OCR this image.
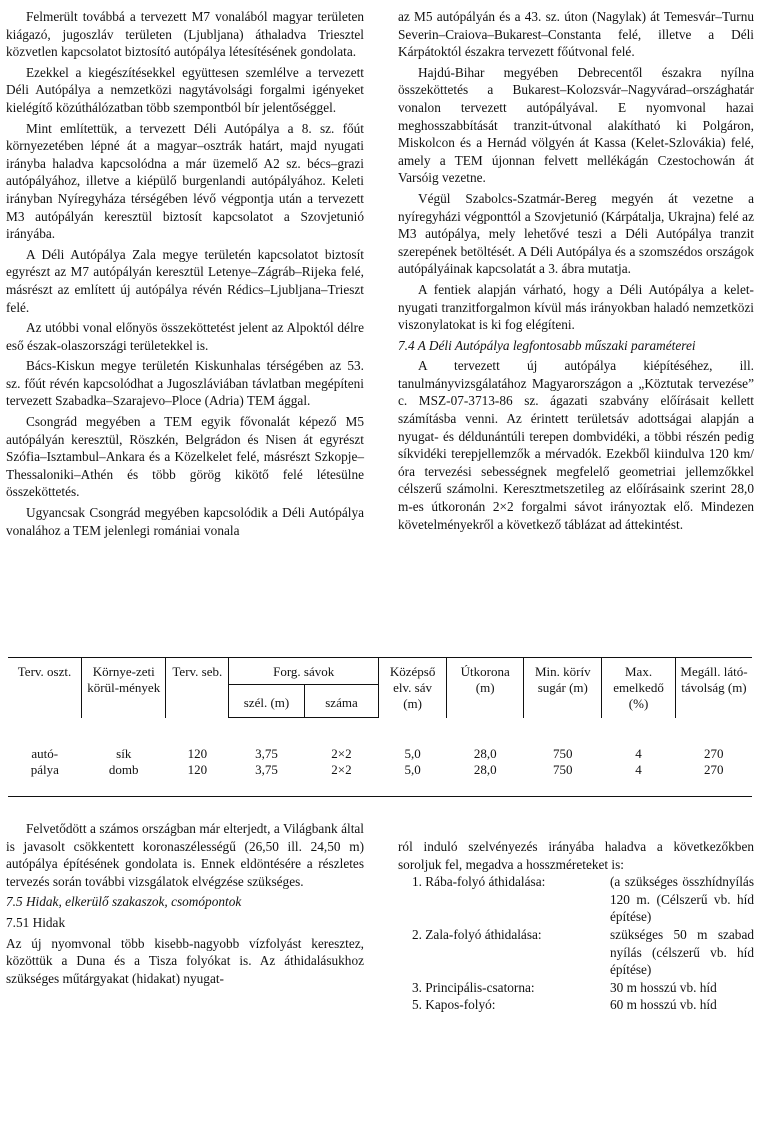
Felmerült továbbá a tervezett M7 vonalából magyar területen kiágazó, jugoszláv területen (Ljubljana) áthaladva Triesztel közvetlen kapcsolatot biztosító autópálya létesítésének gondolata.

Ezekkel a kiegészítésekkel együttesen szemlélve a tervezett Déli Autópálya a nemzetközi nagytávolsági forgalmi igényeket kielégítő közúthálózatban több szempontból bír jelentőséggel.

Mint említettük, a tervezett Déli Autópálya a 8. sz. főút környezetében lépné át a magyar–osztrák határt, majd nyugati irányba haladva kapcsolódna a már üzemelő A2 sz. bécs–grazi autópályához, illetve a kiépülő burgenlandi autópályához. Keleti irányban Nyíregyháza térségében lévő végpontja után a tervezett M3 autópályán keresztül biztosít kapcsolatot a Szovjetunió irányába.

A Déli Autópálya Zala megye területén kapcsolatot biztosít egyrészt az M7 autópályán keresztül Letenye–Zágráb–Rijeka felé, másrészt az említett új autópálya révén Rédics–Ljubljana–Trieszt felé.

Az utóbbi vonal előnyös összeköttetést jelent az Alpoktól délre eső észak-olaszországi területekkel is.

Bács-Kiskun megye területén Kiskunhalas térségében az 53. sz. főút révén kapcsolódhat a Jugoszláviában távlatban megépíteni tervezett Szabadka–Szarajevo–Ploce (Adria) TEM ággal.

Csongrád megyében a TEM egyik fővonalát képező M5 autópályán keresztül, Röszkén, Belgrádon és Nisen át egyrészt Szófia–Isztambul–Ankara és a Közelkelet felé, másrészt Szkopje–Thessaloniki–Athén és több görög kikötő felé létesülne összeköttetés.

Ugyancsak Csongrád megyében kapcsolódik a Déli Autópálya vonalához a TEM jelenlegi romániai vonala

az M5 autópályán és a 43. sz. úton (Nagylak) át Temesvár–Turnu Severin–Craiova–Bukarest–Constanta felé, illetve a Déli Kárpátoktól északra tervezett főútvonal felé.

Hajdú-Bihar megyében Debrecentől északra nyílna összeköttetés a Bukarest–Kolozsvár–Nagyvárad–országhatár vonalon tervezett autópályával. E nyomvonal hazai meghosszabbítását tranzit-útvonal alakítható ki Polgáron, Miskolcon és a Hernád völgyén át Kassa (Kelet-Szlovákia) felé, amely a TEM újonnan felvett mellékágán Czestochowán át Varsóig vezetne.

Végül Szabolcs-Szatmár-Bereg megyén át vezetne a nyíregyházi végponttól a Szovjetunió (Kárpátalja, Ukrajna) felé az M3 autópálya, mely lehetővé teszi a Déli Autópálya tranzit szerepének betöltését. A Déli Autópálya és a szomszédos országok autópályáinak kapcsolatát a 3. ábra mutatja.

A fentiek alapján várható, hogy a Déli Autópálya a kelet-nyugati tranzitforgalmon kívül más irányokban haladó nemzetközi viszonylatokat is ki fog elégíteni.

7.4 A Déli Autópálya legfontosabb műszaki paraméterei

A tervezett új autópálya kiépítéséhez, ill. tanulmányvizsgálatához Magyarországon a „Köztutak tervezése” c. MSZ-07-3713-86 sz. ágazati szabvány előírásait kellett számításba venni. Az érintett területsáv adottságai alapján a nyugat- és déldunántúli terepen dombvidéki, a többi részén pedig síkvidéki terepjellemzők a mérvadók. Ezekből kiindulva 120 km/óra tervezési sebességnek megfelelő geometriai jellemzőkkel célszerű számolni. Keresztmetszetileg az előírásaink szerint 28,0 m-es útkoronán 2×2 forgalmi sávot irányoztak elő. Mindezen követelményekről a következő táblázat ad áttekintést.

Terv. oszt.	Környe-zeti körül-mények	Terv. seb.	Forg. sávok		Középső elv. sáv (m)	Útkorona (m)	Min. körív sugár (m)	Max. emelkedő (%)	Megáll. látó-távolság (m)
			szél. (m)	száma					
autó-	sík	120	3,75	2×2	5,0	28,0	750	4	270
pálya	domb	120	3,75	2×2	5,0	28,0	750	4	270

Felvetődött a számos országban már elterjedt, a Világbank által is javasolt csökkentett koronaszélességű (26,50 ill. 24,50 m) autópálya építésének gondolata is. Ennek eldöntésére a részletes tervezés során további vizsgálatok elvégzése szükséges.

7.5 Hidak, elkerülő szakaszok, csomópontok

7.51 Hidak

Az új nyomvonal több kisebb-nagyobb vízfolyást keresztez, közöttük a Duna és a Tisza folyókat is. Az áthidalásukhoz szükséges műtárgyakat (hidakat) nyugat-

ról induló szelvényezés irányába haladva a következőkben soroljuk fel, megadva a hosszméreteket is:

1. Rába-folyó áthidalása:	(a szükséges összhídnyílás 120 m. (Célszerű vb. híd építése)
2. Zala-folyó áthidalása:	szükséges 50 m szabad nyílás (célszerű vb. híd építése)
3. Principális-csatorna:	30 m hosszú vb. híd
5. Kapos-folyó:	60 m hosszú vb. híd
